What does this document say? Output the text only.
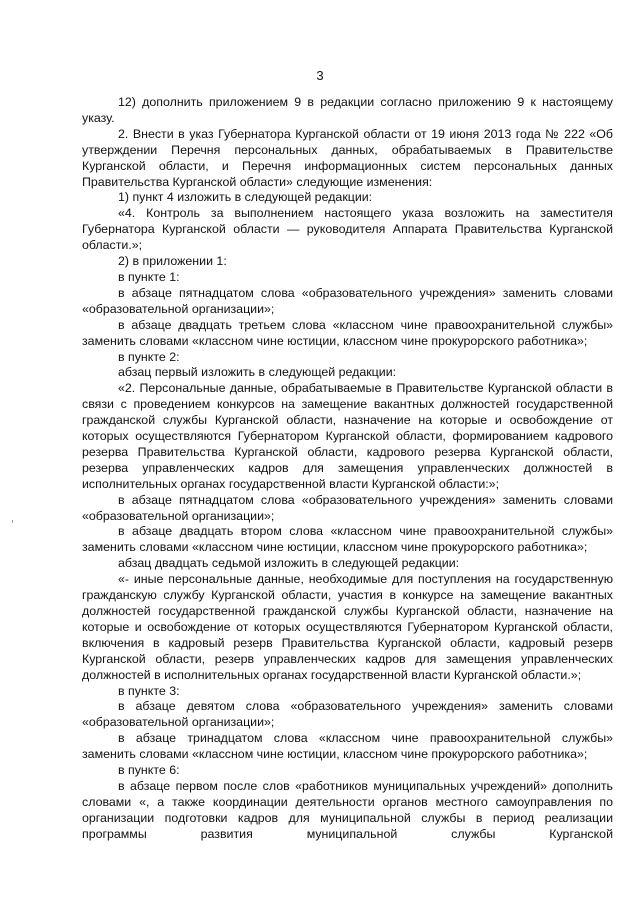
3

12) дополнить приложением 9 в редакции согласно приложению 9 к настоящему указу.

2. Внести в указ Губернатора Курганской области от 19 июня 2013 года № 222 «Об утверждении Перечня персональных данных, обрабатываемых в Правительстве Курганской области, и Перечня информационных систем персональных данных Правительства Курганской области» следующие изменения:

1) пункт 4 изложить в следующей редакции:

«4. Контроль за выполнением настоящего указа возложить на заместителя Губернатора Курганской области — руководителя Аппарата Правительства Курганской области.»;

2) в приложении 1:

в пункте 1:

в абзаце пятнадцатом слова «образовательного учреждения» заменить словами «образовательной организации»;

в абзаце двадцать третьем слова «классном чине правоохранительной службы» заменить словами «классном чине юстиции, классном чине прокурорского работника»;

в пункте 2:

абзац первый изложить в следующей редакции:

«2. Персональные данные, обрабатываемые в Правительстве Курганской области в связи с проведением конкурсов на замещение вакантных должностей государственной гражданской службы Курганской области, назначение на которые и освобождение от которых осуществляются Губернатором Курганской области, формированием кадрового резерва Правительства Курганской области, кадрового резерва Курганской области, резерва управленческих кадров для замещения управленческих должностей в исполнительных органах государственной власти Курганской области:»;

в абзаце пятнадцатом слова «образовательного учреждения» заменить словами «образовательной организации»;

в абзаце двадцать втором слова «классном чине правоохранительной службы» заменить словами «классном чине юстиции, классном чине прокурорского работника»;

абзац двадцать седьмой изложить в следующей редакции:

«- иные персональные данные, необходимые для поступления на государственную гражданскую службу Курганской области, участия в конкурсе на замещение вакантных должностей государственной гражданской службы Курганской области, назначение на которые и освобождение от которых осуществляются Губернатором Курганской области, включения в кадровый резерв Правительства Курганской области, кадровый резерв Курганской области, резерв управленческих кадров для замещения управленческих должностей в исполнительных органах государственной власти Курганской области.»;

в пункте 3:

в абзаце девятом слова «образовательного учреждения» заменить словами «образовательной организации»;

в абзаце тринадцатом слова «классном чине правоохранительной службы» заменить словами «классном чине юстиции, классном чине прокурорского работника»;

в пункте 6:

в абзаце первом после слов «работников муниципальных учреждений» дополнить словами «, а также координации деятельности органов местного самоуправления по организации подготовки кадров для муниципальной службы в период реализации программы развития муниципальной службы Курганской
